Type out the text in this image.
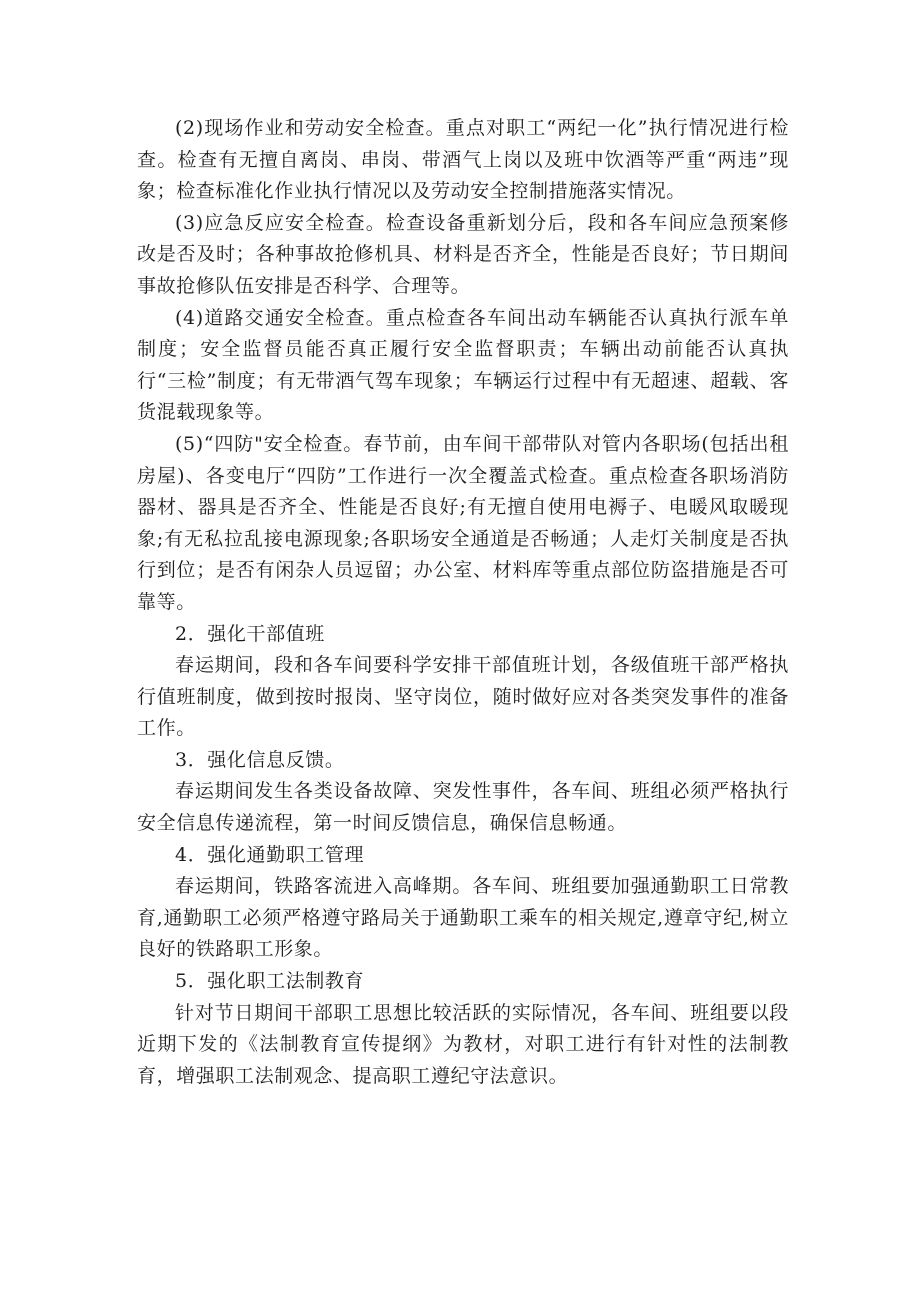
(2)现场作业和劳动安全检查。重点对职工“两纪一化”执行情况进行检查。检查有无擅自离岗、串岗、带酒气上岗以及班中饮酒等严重“两违”现象；检查标准化作业执行情况以及劳动安全控制措施落实情况。

(3)应急反应安全检查。检查设备重新划分后，段和各车间应急预案修改是否及时；各种事故抢修机具、材料是否齐全，性能是否良好；节日期间事故抢修队伍安排是否科学、合理等。

(4)道路交通安全检查。重点检查各车间出动车辆能否认真执行派车单制度；安全监督员能否真正履行安全监督职责；车辆出动前能否认真执行“三检”制度；有无带酒气驾车现象；车辆运行过程中有无超速、超载、客货混载现象等。

(5)“四防"安全检查。春节前，由车间干部带队对管内各职场(包括出租房屋)、各变电厅“四防”工作进行一次全覆盖式检查。重点检查各职场消防器材、器具是否齐全、性能是否良好;有无擅自使用电褥子、电暖风取暖现象;有无私拉乱接电源现象;各职场安全通道是否畅通；人走灯关制度是否执行到位；是否有闲杂人员逗留；办公室、材料库等重点部位防盗措施是否可靠等。

2．强化干部值班

春运期间，段和各车间要科学安排干部值班计划，各级值班干部严格执行值班制度，做到按时报岗、坚守岗位，随时做好应对各类突发事件的准备工作。

3．强化信息反馈。

春运期间发生各类设备故障、突发性事件，各车间、班组必须严格执行安全信息传递流程，第一时间反馈信息，确保信息畅通。

4．强化通勤职工管理

春运期间，铁路客流进入高峰期。各车间、班组要加强通勤职工日常教育,通勤职工必须严格遵守路局关于通勤职工乘车的相关规定,遵章守纪,树立良好的铁路职工形象。

5．强化职工法制教育

针对节日期间干部职工思想比较活跃的实际情况，各车间、班组要以段近期下发的《法制教育宣传提纲》为教材，对职工进行有针对性的法制教育，增强职工法制观念、提高职工遵纪守法意识。
